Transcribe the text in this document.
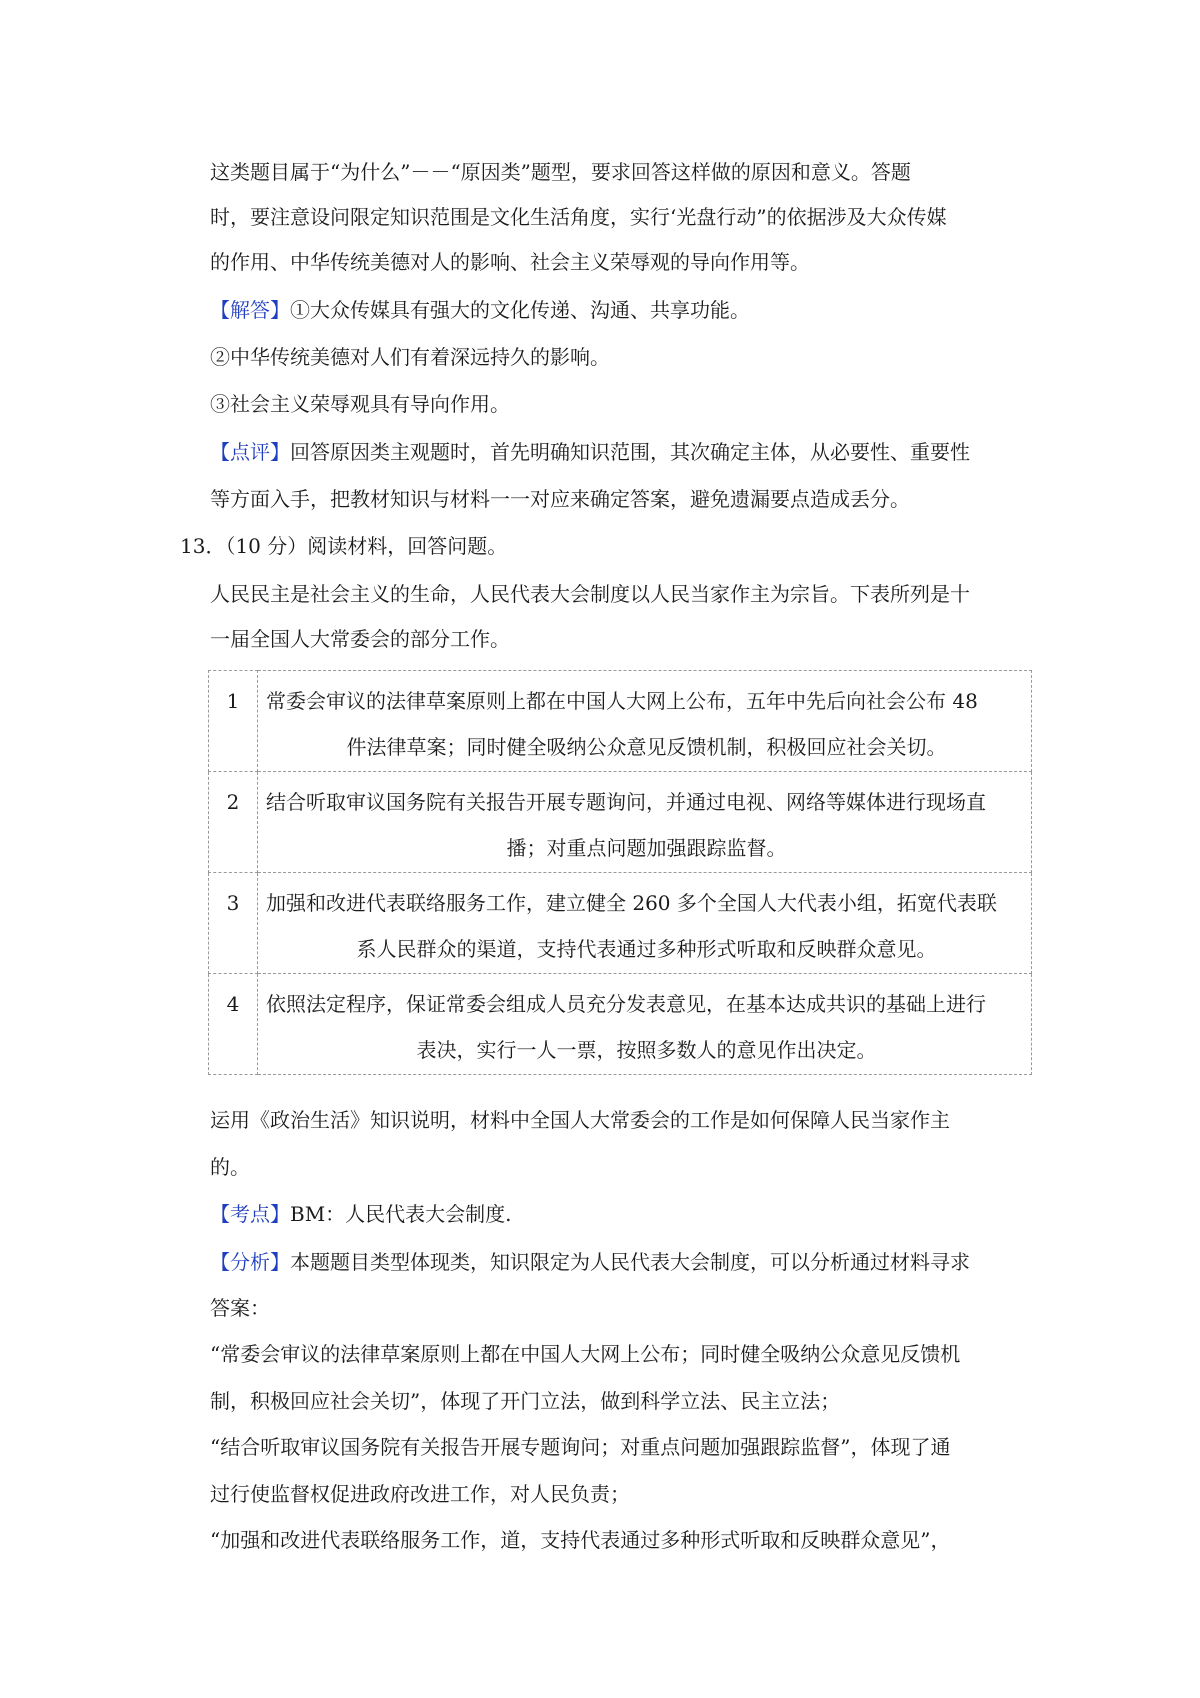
这类题目属于“为什么”－－“原因类”题型，要求回答这样做的原因和意义。答题
时，要注意设问限定知识范围是文化生活角度，实行‘光盘行动”的依据涉及大众传媒
的作用、中华传统美德对人的影响、社会主义荣辱观的导向作用等。
【解答】①大众传媒具有强大的文化传递、沟通、共享功能。
②中华传统美德对人们有着深远持久的影响。
③社会主义荣辱观具有导向作用。
【点评】回答原因类主观题时，首先明确知识范围，其次确定主体，从必要性、重要性
等方面入手，把教材知识与材料一一对应来确定答案，避免遗漏要点造成丢分。
13．（10 分）阅读材料，回答问题。
人民民主是社会主义的生命，人民代表大会制度以人民当家作主为宗旨。下表所列是十
一届全国人大常委会的部分工作。
1	常委会审议的法律草案原则上都在中国人大网上公布，五年中先后向社会公布 48
件法律草案；同时健全吸纳公众意见反馈机制，积极回应社会关切。

2	结合听取审议国务院有关报告开展专题询问，并通过电视、网络等媒体进行现场直
播；对重点问题加强跟踪监督。

3	加强和改进代表联络服务工作，建立健全 260 多个全国人大代表小组，拓宽代表联
系人民群众的渠道，支持代表通过多种形式听取和反映群众意见。

4	依照法定程序，保证常委会组成人员充分发表意见，在基本达成共识的基础上进行
表决，实行一人一票，按照多数人的意见作出决定。
运用《政治生活》知识说明，材料中全国人大常委会的工作是如何保障人民当家作主
的。
【考点】BM：人民代表大会制度.
【分析】本题题目类型体现类，知识限定为人民代表大会制度，可以分析通过材料寻求
答案：
“常委会审议的法律草案原则上都在中国人大网上公布；同时健全吸纳公众意见反馈机
制，积极回应社会关切”，体现了开门立法，做到科学立法、民主立法；
“结合听取审议国务院有关报告开展专题询问；对重点问题加强跟踪监督”，体现了通
过行使监督权促进政府改进工作，对人民负责；
“加强和改进代表联络服务工作，道，支持代表通过多种形式听取和反映群众意见”，
